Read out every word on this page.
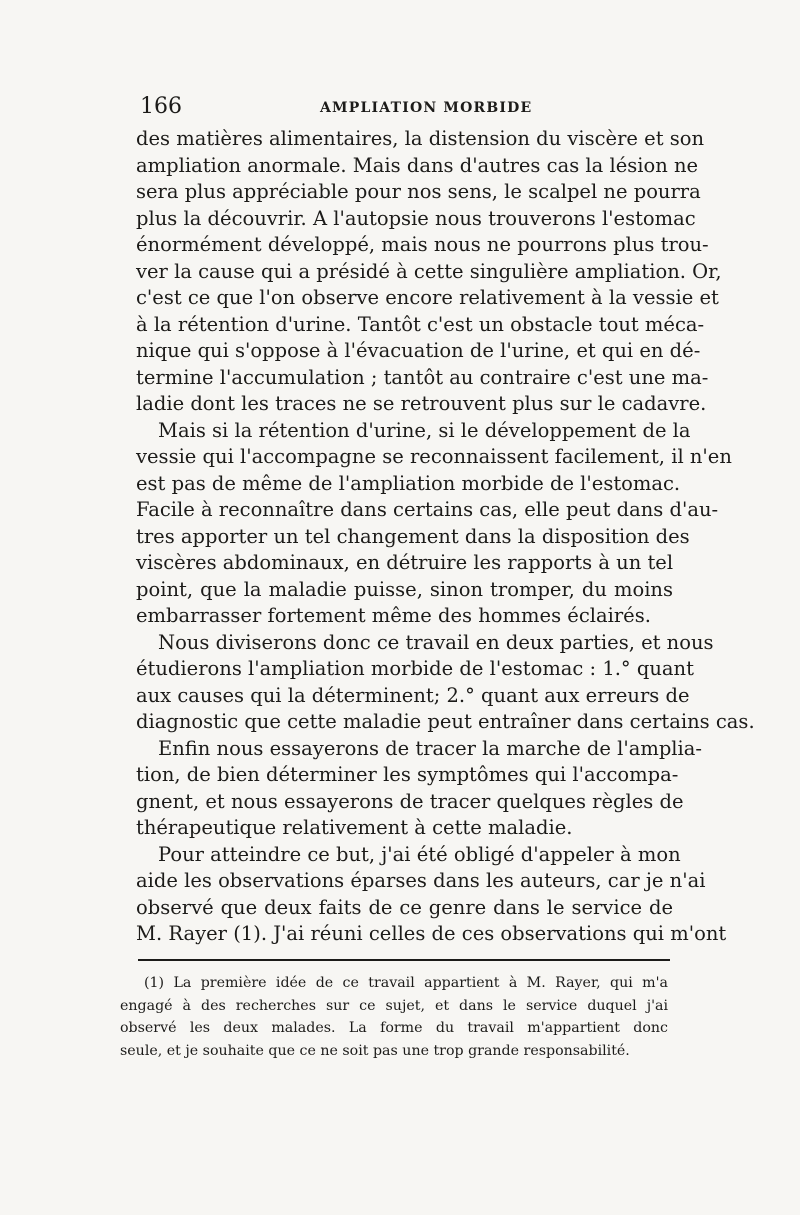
166	AMPLIATION MORBIDE
des matières alimentaires, la distension du viscère et son
ampliation anormale. Mais dans d'autres cas la lésion ne
sera plus appréciable pour nos sens, le scalpel ne pourra
plus la découvrir. A l'autopsie nous trouverons l'estomac
énormément développé, mais nous ne pourrons plus trou-
ver la cause qui a présidé à cette singulière ampliation. Or,
c'est ce que l'on observe encore relativement à la vessie et
à la rétention d'urine. Tantôt c'est un obstacle tout méca-
nique qui s'oppose à l'évacuation de l'urine, et qui en dé-
termine l'accumulation ; tantôt au contraire c'est une ma-
ladie dont les traces ne se retrouvent plus sur le cadavre.
Mais si la rétention d'urine, si le développement de la
vessie qui l'accompagne se reconnaissent facilement, il n'en
est pas de même de l'ampliation morbide de l'estomac.
Facile à reconnaître dans certains cas, elle peut dans d'au-
tres apporter un tel changement dans la disposition des
viscères abdominaux, en détruire les rapports à un tel
point, que la maladie puisse, sinon tromper, du moins
embarrasser fortement même des hommes éclairés.
Nous diviserons donc ce travail en deux parties, et nous
étudierons l'ampliation morbide de l'estomac : 1.° quant
aux causes qui la déterminent; 2.° quant aux erreurs de
diagnostic que cette maladie peut entraîner dans certains cas.
Enfin nous essayerons de tracer la marche de l'amplia-
tion, de bien déterminer les symptômes qui l'accompa-
gnent, et nous essayerons de tracer quelques règles de
thérapeutique relativement à cette maladie.
Pour atteindre ce but, j'ai été obligé d'appeler à mon
aide les observations éparses dans les auteurs, car je n'ai
observé que deux faits de ce genre dans le service de
M. Rayer (1). J'ai réuni celles de ces observations qui m'ont
(1) La première idée de ce travail appartient à M. Rayer, qui m'a
engagé à des recherches sur ce sujet, et dans le service duquel j'ai
observé les deux malades. La forme du travail m'appartient donc
seule, et je souhaite que ce ne soit pas une trop grande responsabilité.
